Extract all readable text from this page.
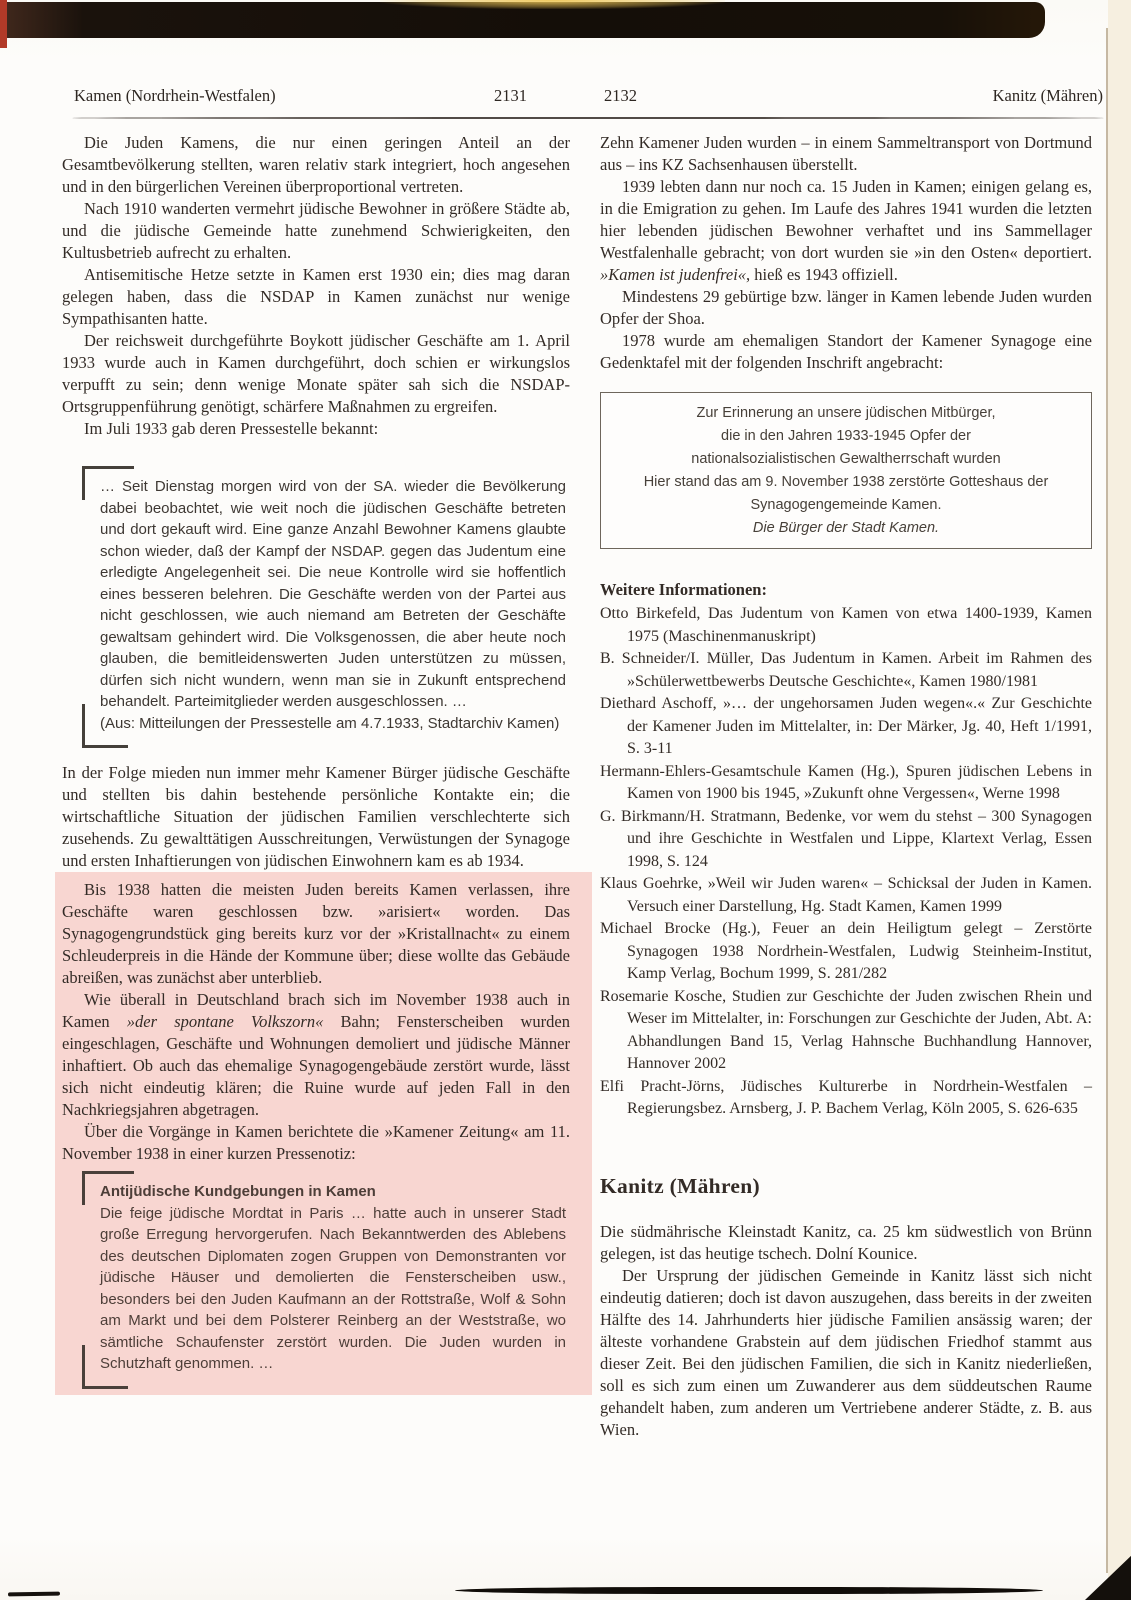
Kamen (Nordrhein-Westfalen)	2131	2132	Kanitz (Mähren)

Die Juden Kamens, die nur einen geringen Anteil an der Gesamtbevölkerung stellten, waren relativ stark integriert, hoch angesehen und in den bürgerlichen Vereinen überproportional vertreten.

Nach 1910 wanderten vermehrt jüdische Bewohner in größere Städte ab, und die jüdische Gemeinde hatte zunehmend Schwierigkeiten, den Kultusbetrieb aufrecht zu erhalten.

Antisemitische Hetze setzte in Kamen erst 1930 ein; dies mag daran gelegen haben, dass die NSDAP in Kamen zunächst nur wenige Sympathisanten hatte.

Der reichsweit durchgeführte Boykott jüdischer Geschäfte am 1. April 1933 wurde auch in Kamen durchgeführt, doch schien er wirkungslos verpufft zu sein; denn wenige Monate später sah sich die NSDAP-Ortsgruppenführung genötigt, schärfere Maßnahmen zu ergreifen.

Im Juli 1933 gab deren Pressestelle bekannt:

… Seit Dienstag morgen wird von der SA. wieder die Bevölkerung dabei beobachtet, wie weit noch die jüdischen Geschäfte betreten und dort gekauft wird. Eine ganze Anzahl Bewohner Kamens glaubte schon wieder, daß der Kampf der NSDAP. gegen das Judentum eine erledigte Angelegenheit sei. Die neue Kontrolle wird sie hoffentlich eines besseren belehren. Die Geschäfte werden von der Partei aus nicht geschlossen, wie auch niemand am Betreten der Geschäfte gewaltsam gehindert wird. Die Volksgenossen, die aber heute noch glauben, die bemitleidenswerten Juden unterstützen zu müssen, dürfen sich nicht wundern, wenn man sie in Zukunft entsprechend behandelt. Parteimitglieder werden ausgeschlossen. …

(Aus: Mitteilungen der Pressestelle am 4.7.1933, Stadtarchiv Kamen)

In der Folge mieden nun immer mehr Kamener Bürger jüdische Geschäfte und stellten bis dahin bestehende persönliche Kontakte ein; die wirtschaftliche Situation der jüdischen Familien verschlechterte sich zusehends. Zu gewalttätigen Ausschreitungen, Verwüstungen der Synagoge und ersten Inhaftierungen von jüdischen Einwohnern kam es ab 1934.

Bis 1938 hatten die meisten Juden bereits Kamen verlassen, ihre Geschäfte waren geschlossen bzw. »arisiert« worden. Das Synagogengrundstück ging bereits kurz vor der »Kristallnacht« zu einem Schleuderpreis in die Hände der Kommune über; diese wollte das Gebäude abreißen, was zunächst aber unterblieb.

Wie überall in Deutschland brach sich im November 1938 auch in Kamen »der spontane Volkszorn« Bahn; Fensterscheiben wurden eingeschlagen, Geschäfte und Wohnungen demoliert und jüdische Männer inhaftiert. Ob auch das ehemalige Synagogengebäude zerstört wurde, lässt sich nicht eindeutig klären; die Ruine wurde auf jeden Fall in den Nachkriegsjahren abgetragen.

Über die Vorgänge in Kamen berichtete die »Kamener Zeitung« am 11. November 1938 in einer kurzen Pressenotiz:

Antijüdische Kundgebungen in Kamen

Die feige jüdische Mordtat in Paris … hatte auch in unserer Stadt große Erregung hervorgerufen. Nach Bekanntwerden des Ablebens des deutschen Diplomaten zogen Gruppen von Demonstranten vor jüdische Häuser und demolierten die Fensterscheiben usw., besonders bei den Juden Kaufmann an der Rottstraße, Wolf & Sohn am Markt und bei dem Polsterer Reinberg an der Weststraße, wo sämtliche Schaufenster zerstört wurden. Die Juden wurden in Schutzhaft genommen. …

Zehn Kamener Juden wurden – in einem Sammeltransport von Dortmund aus – ins KZ Sachsenhausen überstellt.

1939 lebten dann nur noch ca. 15 Juden in Kamen; einigen gelang es, in die Emigration zu gehen. Im Laufe des Jahres 1941 wurden die letzten hier lebenden jüdischen Bewohner verhaftet und ins Sammellager Westfalenhalle gebracht; von dort wurden sie »in den Osten« deportiert. »Kamen ist judenfrei«, hieß es 1943 offiziell.

Mindestens 29 gebürtige bzw. länger in Kamen lebende Juden wurden Opfer der Shoa.

1978 wurde am ehemaligen Standort der Kamener Synagoge eine Gedenktafel mit der folgenden Inschrift angebracht:

Zur Erinnerung an unsere jüdischen Mitbürger,
die in den Jahren 1933-1945 Opfer der
nationalsozialistischen Gewaltherrschaft wurden
Hier stand das am 9. November 1938 zerstörte Gotteshaus der
Synagogengemeinde Kamen.
Die Bürger der Stadt Kamen.
Weitere Informationen:

Otto Birkefeld, Das Judentum von Kamen von etwa 1400-1939, Kamen 1975 (Maschinenmanuskript)

B. Schneider/I. Müller, Das Judentum in Kamen. Arbeit im Rahmen des »Schülerwettbewerbs Deutsche Geschichte«, Kamen 1980/1981

Diethard Aschoff, »… der ungehorsamen Juden wegen«.« Zur Geschichte der Kamener Juden im Mittelalter, in: Der Märker, Jg. 40, Heft 1/1991, S. 3-11

Hermann-Ehlers-Gesamtschule Kamen (Hg.), Spuren jüdischen Lebens in Kamen von 1900 bis 1945, »Zukunft ohne Vergessen«, Werne 1998

G. Birkmann/H. Stratmann, Bedenke, vor wem du stehst – 300 Synagogen und ihre Geschichte in Westfalen und Lippe, Klartext Verlag, Essen 1998, S. 124

Klaus Goehrke, »Weil wir Juden waren« – Schicksal der Juden in Kamen. Versuch einer Darstellung, Hg. Stadt Kamen, Kamen 1999

Michael Brocke (Hg.), Feuer an dein Heiligtum gelegt – Zerstörte Synagogen 1938 Nordrhein-Westfalen, Ludwig Steinheim-Institut, Kamp Verlag, Bochum 1999, S. 281/282

Rosemarie Kosche, Studien zur Geschichte der Juden zwischen Rhein und Weser im Mittelalter, in: Forschungen zur Geschichte der Juden, Abt. A: Abhandlungen Band 15, Verlag Hahnsche Buchhandlung Hannover, Hannover 2002

Elfi Pracht-Jörns, Jüdisches Kulturerbe in Nordrhein-Westfalen – Regierungsbez. Arnsberg, J. P. Bachem Verlag, Köln 2005, S. 626-635

Kanitz (Mähren)

Die südmährische Kleinstadt Kanitz, ca. 25 km südwestlich von Brünn gelegen, ist das heutige tschech. Dolní Kounice.

Der Ursprung der jüdischen Gemeinde in Kanitz lässt sich nicht eindeutig datieren; doch ist davon auszugehen, dass bereits in der zweiten Hälfte des 14. Jahrhunderts hier jüdische Familien ansässig waren; der älteste vorhandene Grabstein auf dem jüdischen Friedhof stammt aus dieser Zeit. Bei den jüdischen Familien, die sich in Kanitz niederließen, soll es sich zum einen um Zuwanderer aus dem süddeutschen Raume gehandelt haben, zum anderen um Vertriebene anderer Städte, z. B. aus Wien.
